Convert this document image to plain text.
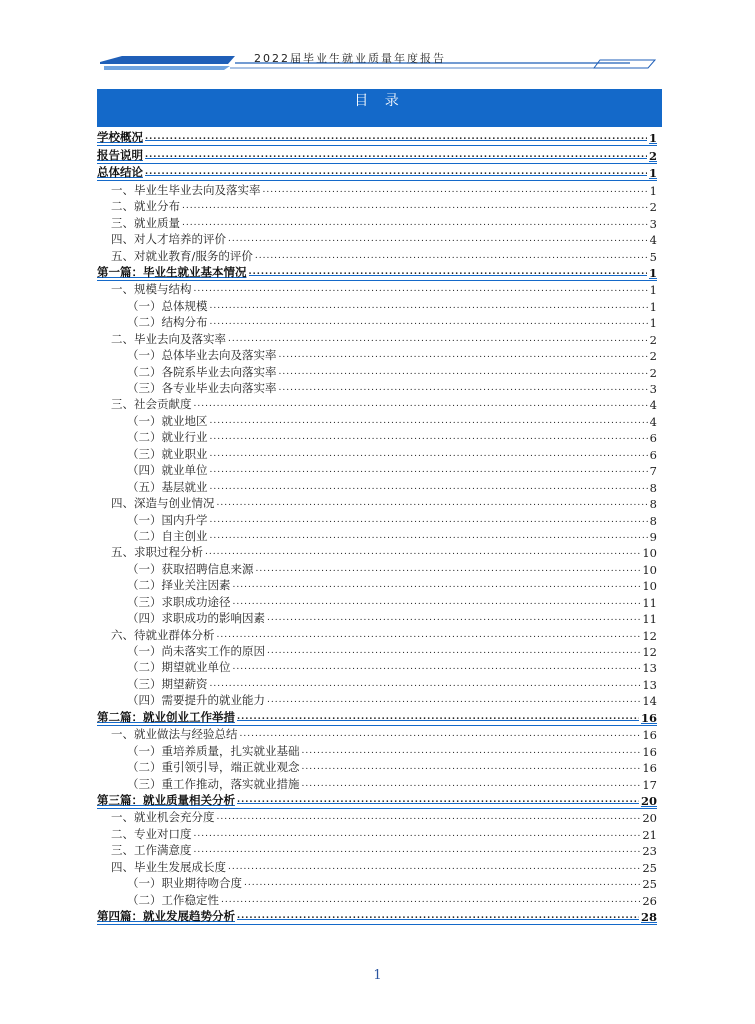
2022届毕业生就业质量年度报告
目 录
学校概况 .....	1
报告说明 .....	2
总体结论 .....	1
一、毕业生毕业去向及落实率 .....	1
二、就业分布 .....	2
三、就业质量 .....	3
四、对人才培养的评价 .....	4
五、对就业教育/服务的评价 .....	5
第一篇：毕业生就业基本情况 .....	1
一、规模与结构 .....	1
（一）总体规模 .....	1
（二）结构分布 .....	1
二、毕业去向及落实率 .....	2
（一）总体毕业去向及落实率 .....	2
（二）各院系毕业去向落实率 .....	2
（三）各专业毕业去向落实率 .....	3
三、社会贡献度 .....	4
（一）就业地区 .....	4
（二）就业行业 .....	6
（三）就业职业 .....	6
（四）就业单位 .....	7
（五）基层就业 .....	8
四、深造与创业情况 .....	8
（一）国内升学 .....	8
（二）自主创业 .....	9
五、求职过程分析 .....	10
（一）获取招聘信息来源 .....	10
（二）择业关注因素 .....	10
（三）求职成功途径 .....	11
（四）求职成功的影响因素 .....	11
六、待就业群体分析 .....	12
（一）尚未落实工作的原因 .....	12
（二）期望就业单位 .....	13
（三）期望薪资 .....	13
（四）需要提升的就业能力 .....	14
第二篇：就业创业工作举措 .....	16
一、就业做法与经验总结 .....	16
（一）重培养质量，扎实就业基础 .....	16
（二）重引领引导，端正就业观念 .....	16
（三）重工作推动，落实就业措施 .....	17
第三篇：就业质量相关分析 .....	20
一、就业机会充分度 .....	20
二、专业对口度 .....	21
三、工作满意度 .....	23
四、毕业生发展成长度 .....	25
（一）职业期待吻合度 .....	25
（二）工作稳定性 .....	26
第四篇：就业发展趋势分析 .....	28
1
